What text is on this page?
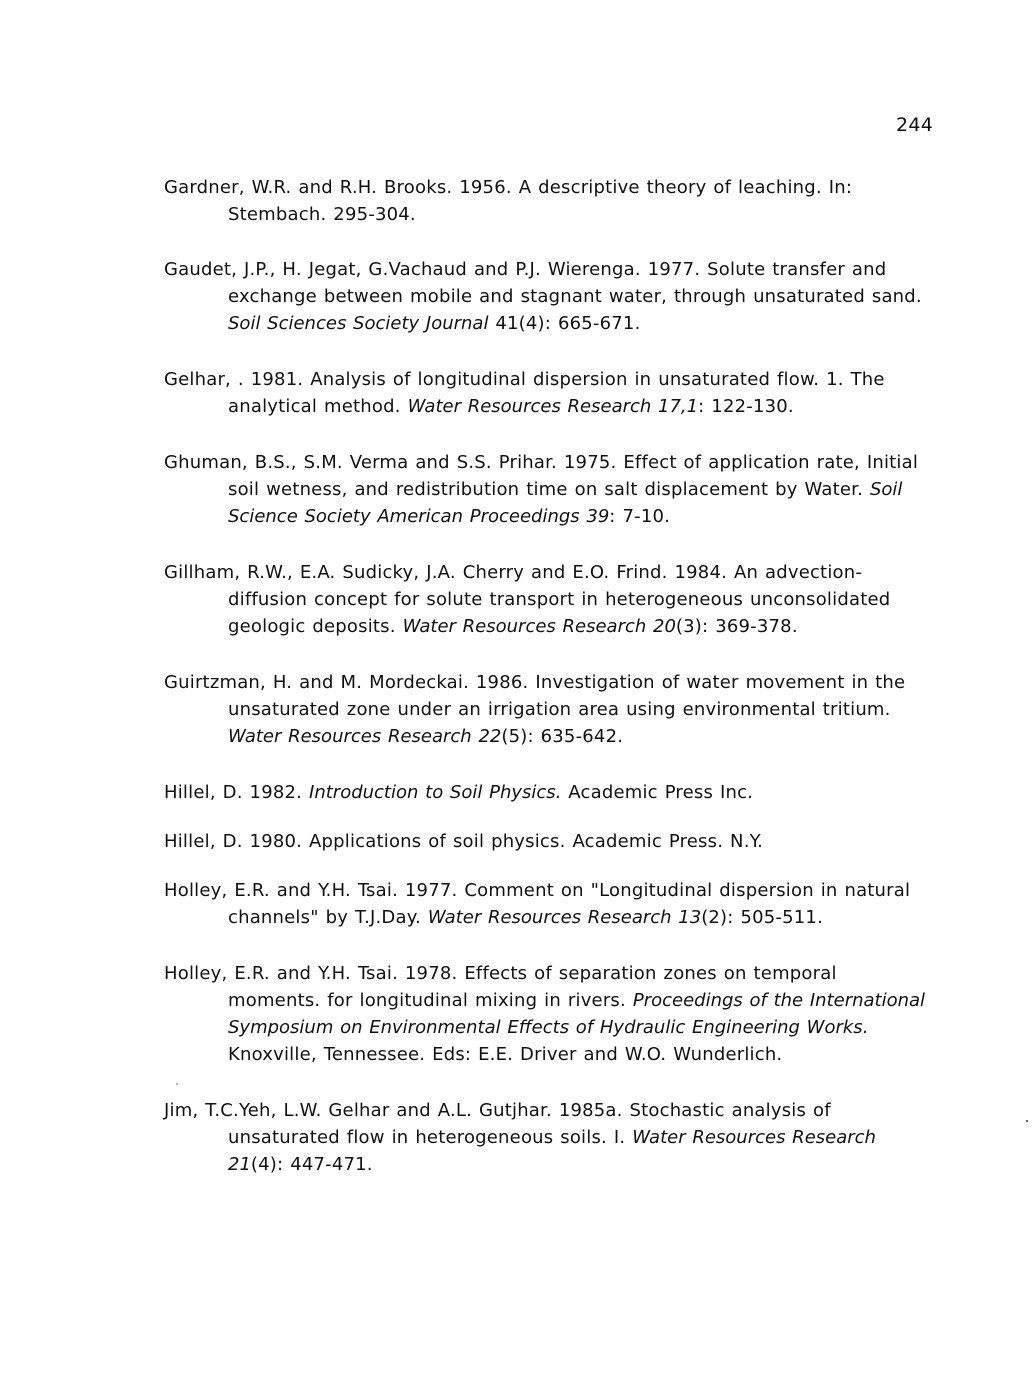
244

Gardner, W.R. and R.H. Brooks. 1956. A descriptive theory of leaching. In: Stembach. 295-304.

Gaudet, J.P., H. Jegat, G.Vachaud and P.J. Wierenga. 1977. Solute transfer and exchange between mobile and stagnant water, through unsaturated sand. Soil Sciences Society Journal 41(4): 665-671.

Gelhar, . 1981. Analysis of longitudinal dispersion in unsaturated flow. 1. The analytical method. Water Resources Research 17,1: 122-130.

Ghuman, B.S., S.M. Verma and S.S. Prihar. 1975. Effect of application rate, Initial soil wetness, and redistribution time on salt displacement by Water. Soil Science Society American Proceedings 39: 7-10.

Gillham, R.W., E.A. Sudicky, J.A. Cherry and E.O. Frind. 1984. An advection-diffusion concept for solute transport in heterogeneous unconsolidated geologic deposits. Water Resources Research 20(3): 369-378.

Guirtzman, H. and M. Mordeckai. 1986. Investigation of water movement in the unsaturated zone under an irrigation area using environmental tritium. Water Resources Research 22(5): 635-642.

Hillel, D. 1982. Introduction to Soil Physics. Academic Press Inc.

Hillel, D. 1980. Applications of soil physics. Academic Press. N.Y.

Holley, E.R. and Y.H. Tsai. 1977. Comment on "Longitudinal dispersion in natural channels" by T.J.Day. Water Resources Research 13(2): 505-511.

Holley, E.R. and Y.H. Tsai. 1978. Effects of separation zones on temporal moments. for longitudinal mixing in rivers. Proceedings of the International Symposium on Environmental Effects of Hydraulic Engineering Works. Knoxville, Tennessee. Eds: E.E. Driver and W.O. Wunderlich.

Jim, T.C.Yeh, L.W. Gelhar and A.L. Gutjhar. 1985a. Stochastic analysis of unsaturated flow in heterogeneous soils. I. Water Resources Research 21(4): 447-471.
